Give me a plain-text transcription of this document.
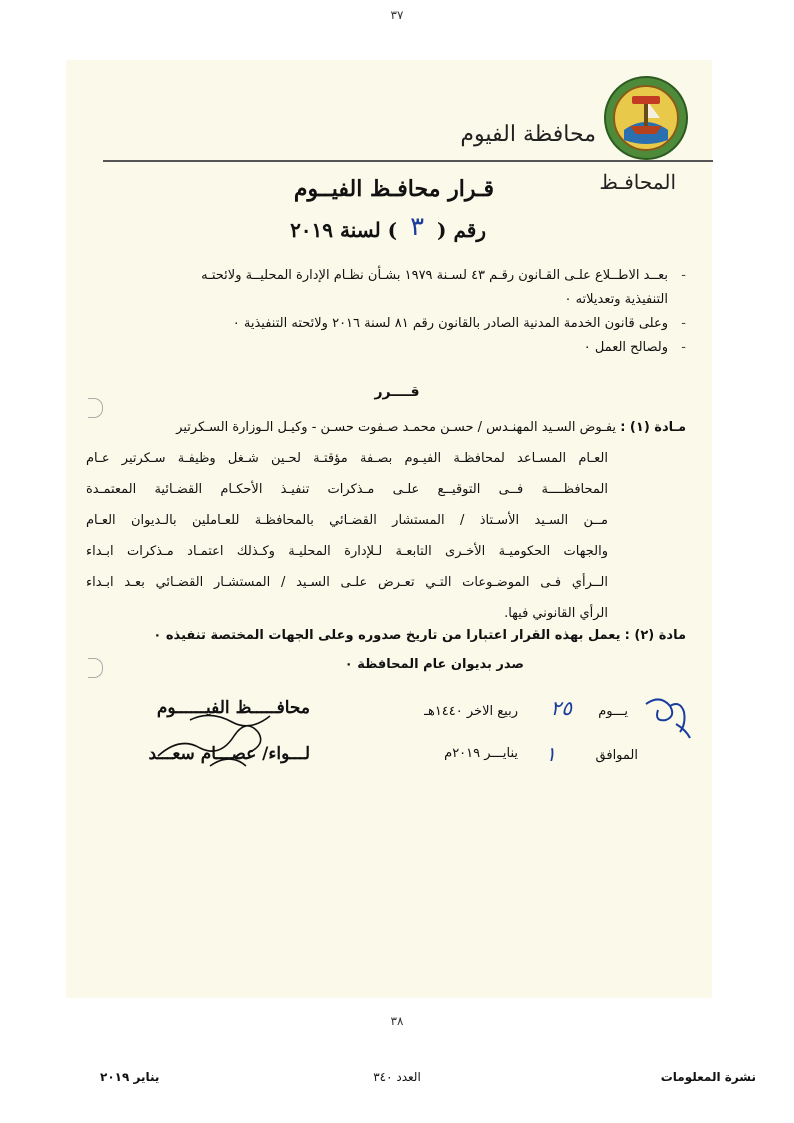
٣٧
محافظة الفيوم
المحافـظ
قـرار محافـظ الفيــوم
رقم ( ٣ ) لسنة ٢٠١٩
-
بعــد الاطــلاع علـى القـانون رقـم ٤٣ لسـنة ١٩٧٩ بشـأن نظـام الإدارة المحليــة ولائحتـه
التنفيذية وتعديلاته ٠
-
وعلى قانون الخدمة المدنية الصادر بالقانون رقم ٨١ لسنة ٢٠١٦ ولائحته التنفيذية ٠
-
ولصالح العمل ٠
قــــرر
مـادة (١) : يفـوض السـيد المهنـدس / حسـن محمـد صـفوت حسـن - وكيـل الـوزارة السـكرتير
العـام المسـاعد لمحافظـة الفيـوم بصـفة مؤقتـة لحـين شـغل وظيفـة سـكرتير عـام
المحافظــــة فــى التوقيــع علـى مـذكرات تنفيـذ الأحكـام القضـائية المعتمـدة
مــن السـيد الأسـتاذ / المستشار القضـائي بالمحافظـة للعـاملين بالـديوان العـام
والجهات الحكوميـة الأخـرى التابعـة لـلإدارة المحليـة وكـذلك اعتمـاد مـذكرات ابـداء
الــرأي فـى الموضـوعات التـي تعـرض علـى السـيد / المستشـار القضـائي بعـد ابـداء
الرأي القانوني فيها.
مادة (٢) : يعمل بهذه القرار اعتبارا من تاريخ صدوره وعلى الجهات المختصة تنفيذه ٠
صدر بديوان عام المحافظة ٠
يـــوم
٢٥
ربيع الاخر ١٤٤٠هـ
الموافق
١
ينايـــر ٢٠١٩م
محافـــــظ الفيــــــوم
لـــواء/ عصـــام سعـــد
٣٨
نشرة المعلومات
العدد ٣٤٠
يناير ٢٠١٩
